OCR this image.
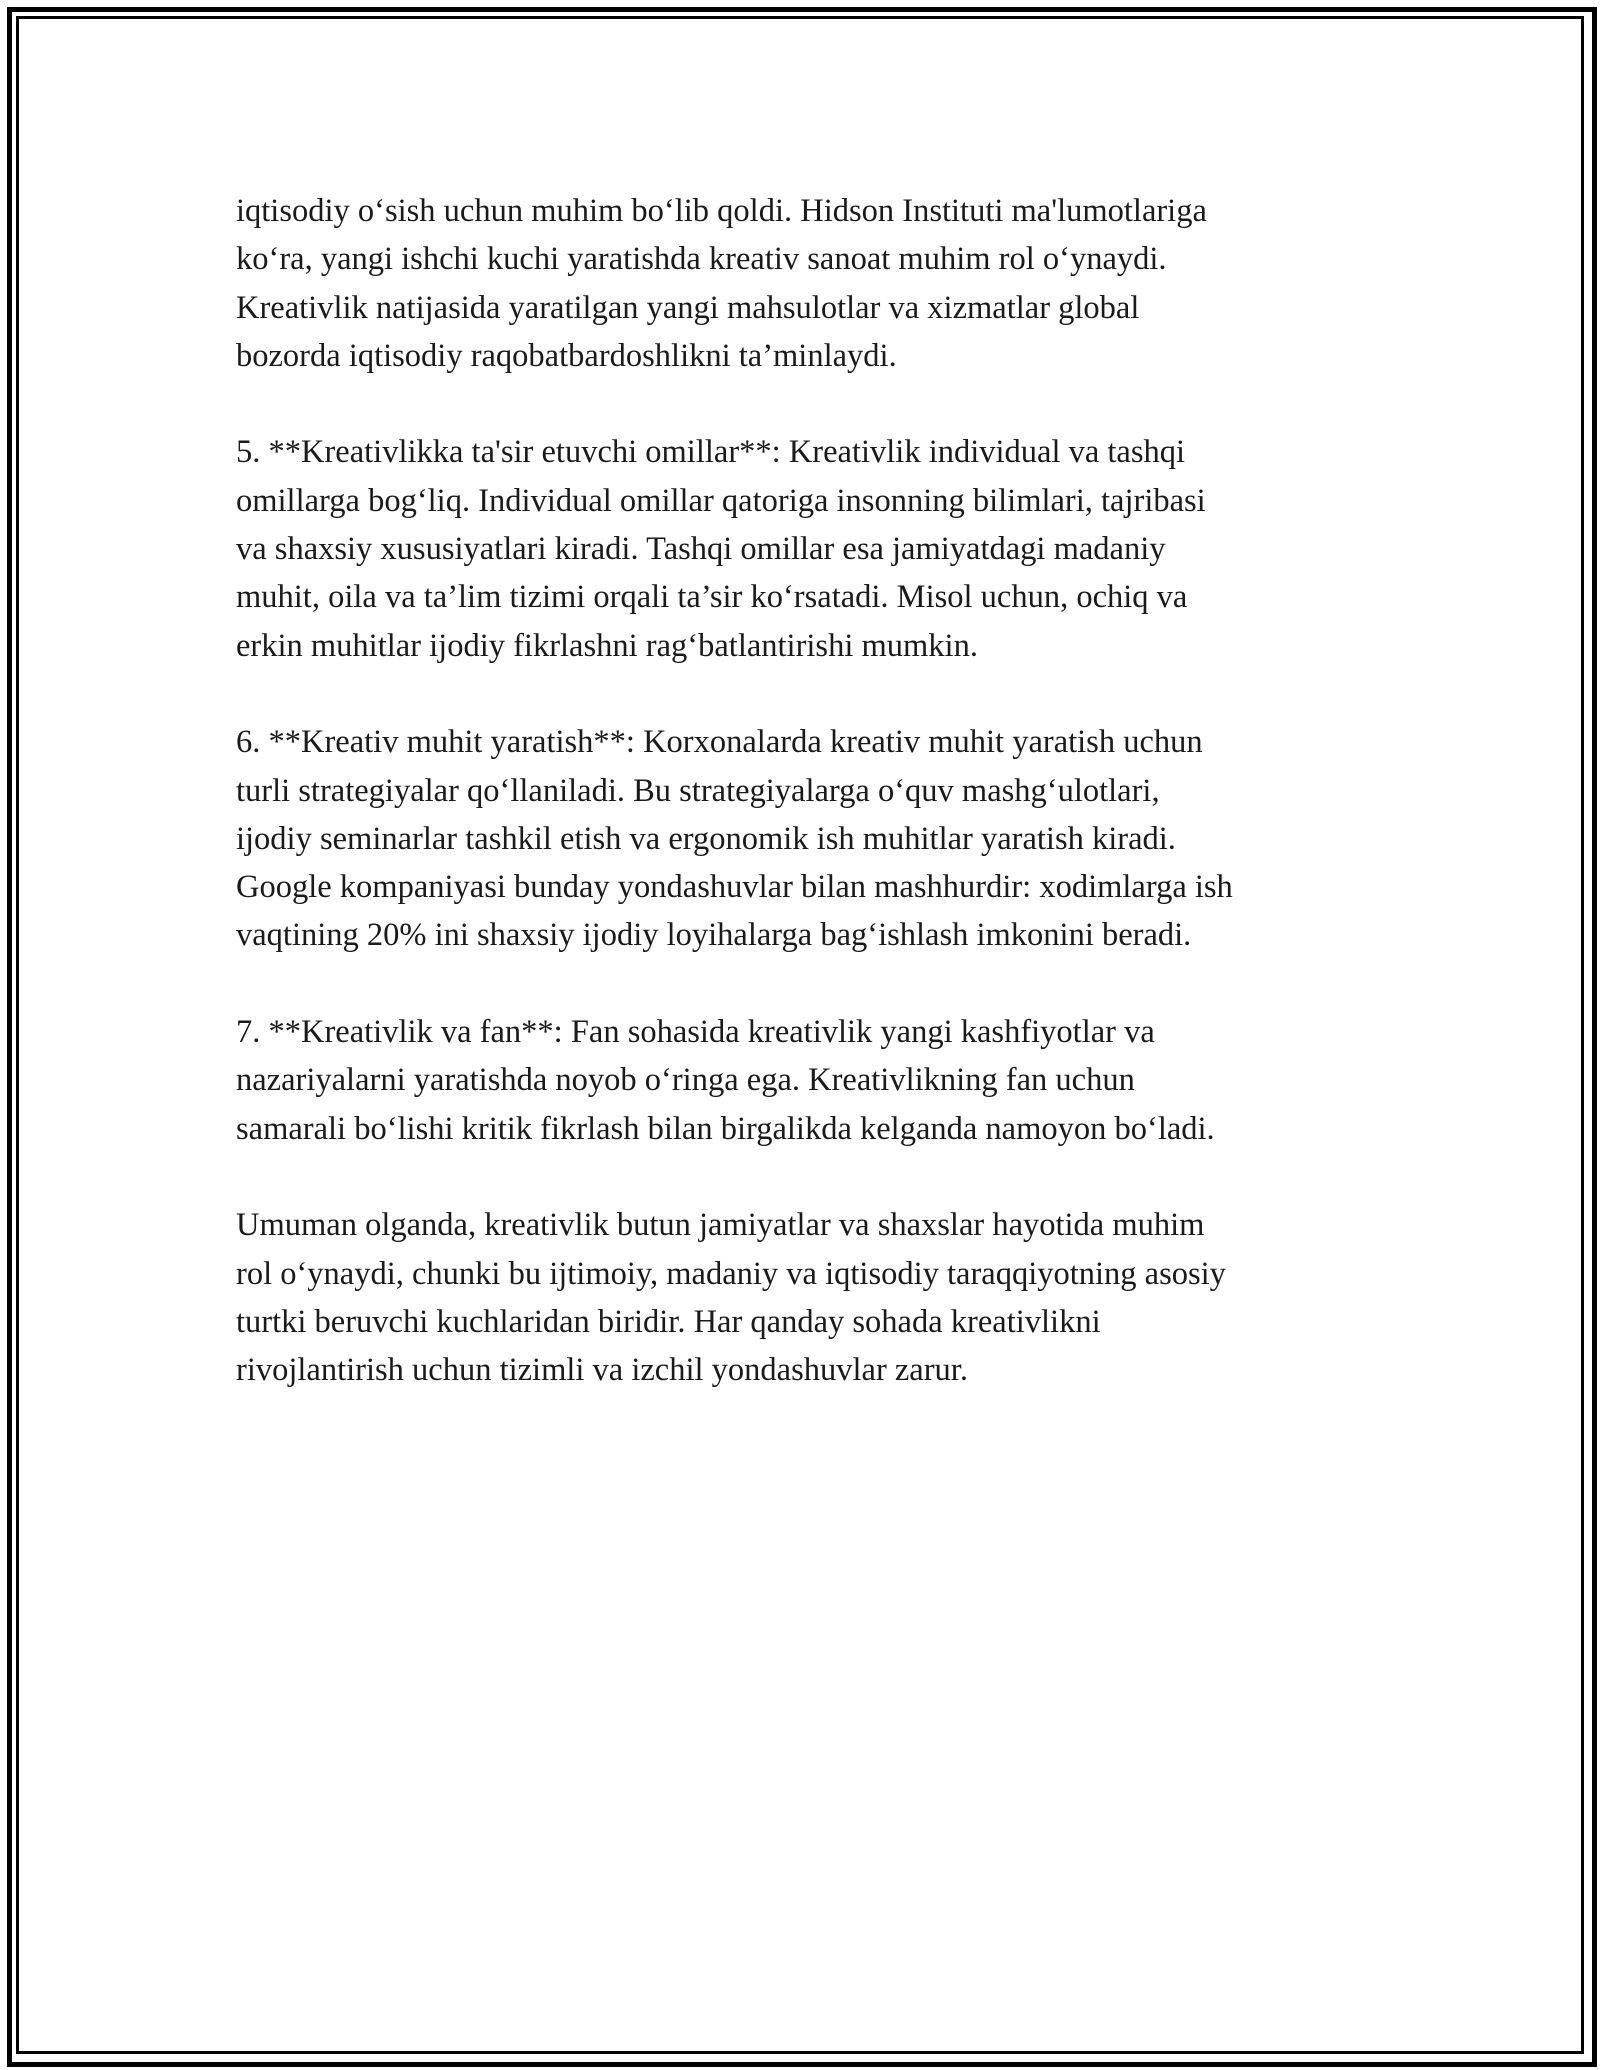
iqtisodiy o‘sish uchun muhim bo‘lib qoldi. Hidson Instituti ma'lumotlariga
ko‘ra, yangi ishchi kuchi yaratishda kreativ sanoat muhim rol o‘ynaydi.
Kreativlik natijasida yaratilgan yangi mahsulotlar va xizmatlar global
bozorda iqtisodiy raqobatbardoshlikni ta’minlaydi.

5. **Kreativlikka ta'sir etuvchi omillar**: Kreativlik individual va tashqi
omillarga bog‘liq. Individual omillar qatoriga insonning bilimlari, tajribasi
va shaxsiy xususiyatlari kiradi. Tashqi omillar esa jamiyatdagi madaniy
muhit, oila va ta’lim tizimi orqali ta’sir ko‘rsatadi. Misol uchun, ochiq va
erkin muhitlar ijodiy fikrlashni rag‘batlantirishi mumkin.

6. **Kreativ muhit yaratish**: Korxonalarda kreativ muhit yaratish uchun
turli strategiyalar qo‘llaniladi. Bu strategiyalarga o‘quv mashg‘ulotlari,
ijodiy seminarlar tashkil etish va ergonomik ish muhitlar yaratish kiradi.
Google kompaniyasi bunday yondashuvlar bilan mashhurdir: xodimlarga ish
vaqtining 20% ini shaxsiy ijodiy loyihalarga bag‘ishlash imkonini beradi.

7. **Kreativlik va fan**: Fan sohasida kreativlik yangi kashfiyotlar va
nazariyalarni yaratishda noyob o‘ringa ega. Kreativlikning fan uchun
samarali bo‘lishi kritik fikrlash bilan birgalikda kelganda namoyon bo‘ladi.

Umuman olganda, kreativlik butun jamiyatlar va shaxslar hayotida muhim
rol o‘ynaydi, chunki bu ijtimoiy, madaniy va iqtisodiy taraqqiyotning asosiy
turtki beruvchi kuchlaridan biridir. Har qanday sohada kreativlikni
rivojlantirish uchun tizimli va izchil yondashuvlar zarur.
